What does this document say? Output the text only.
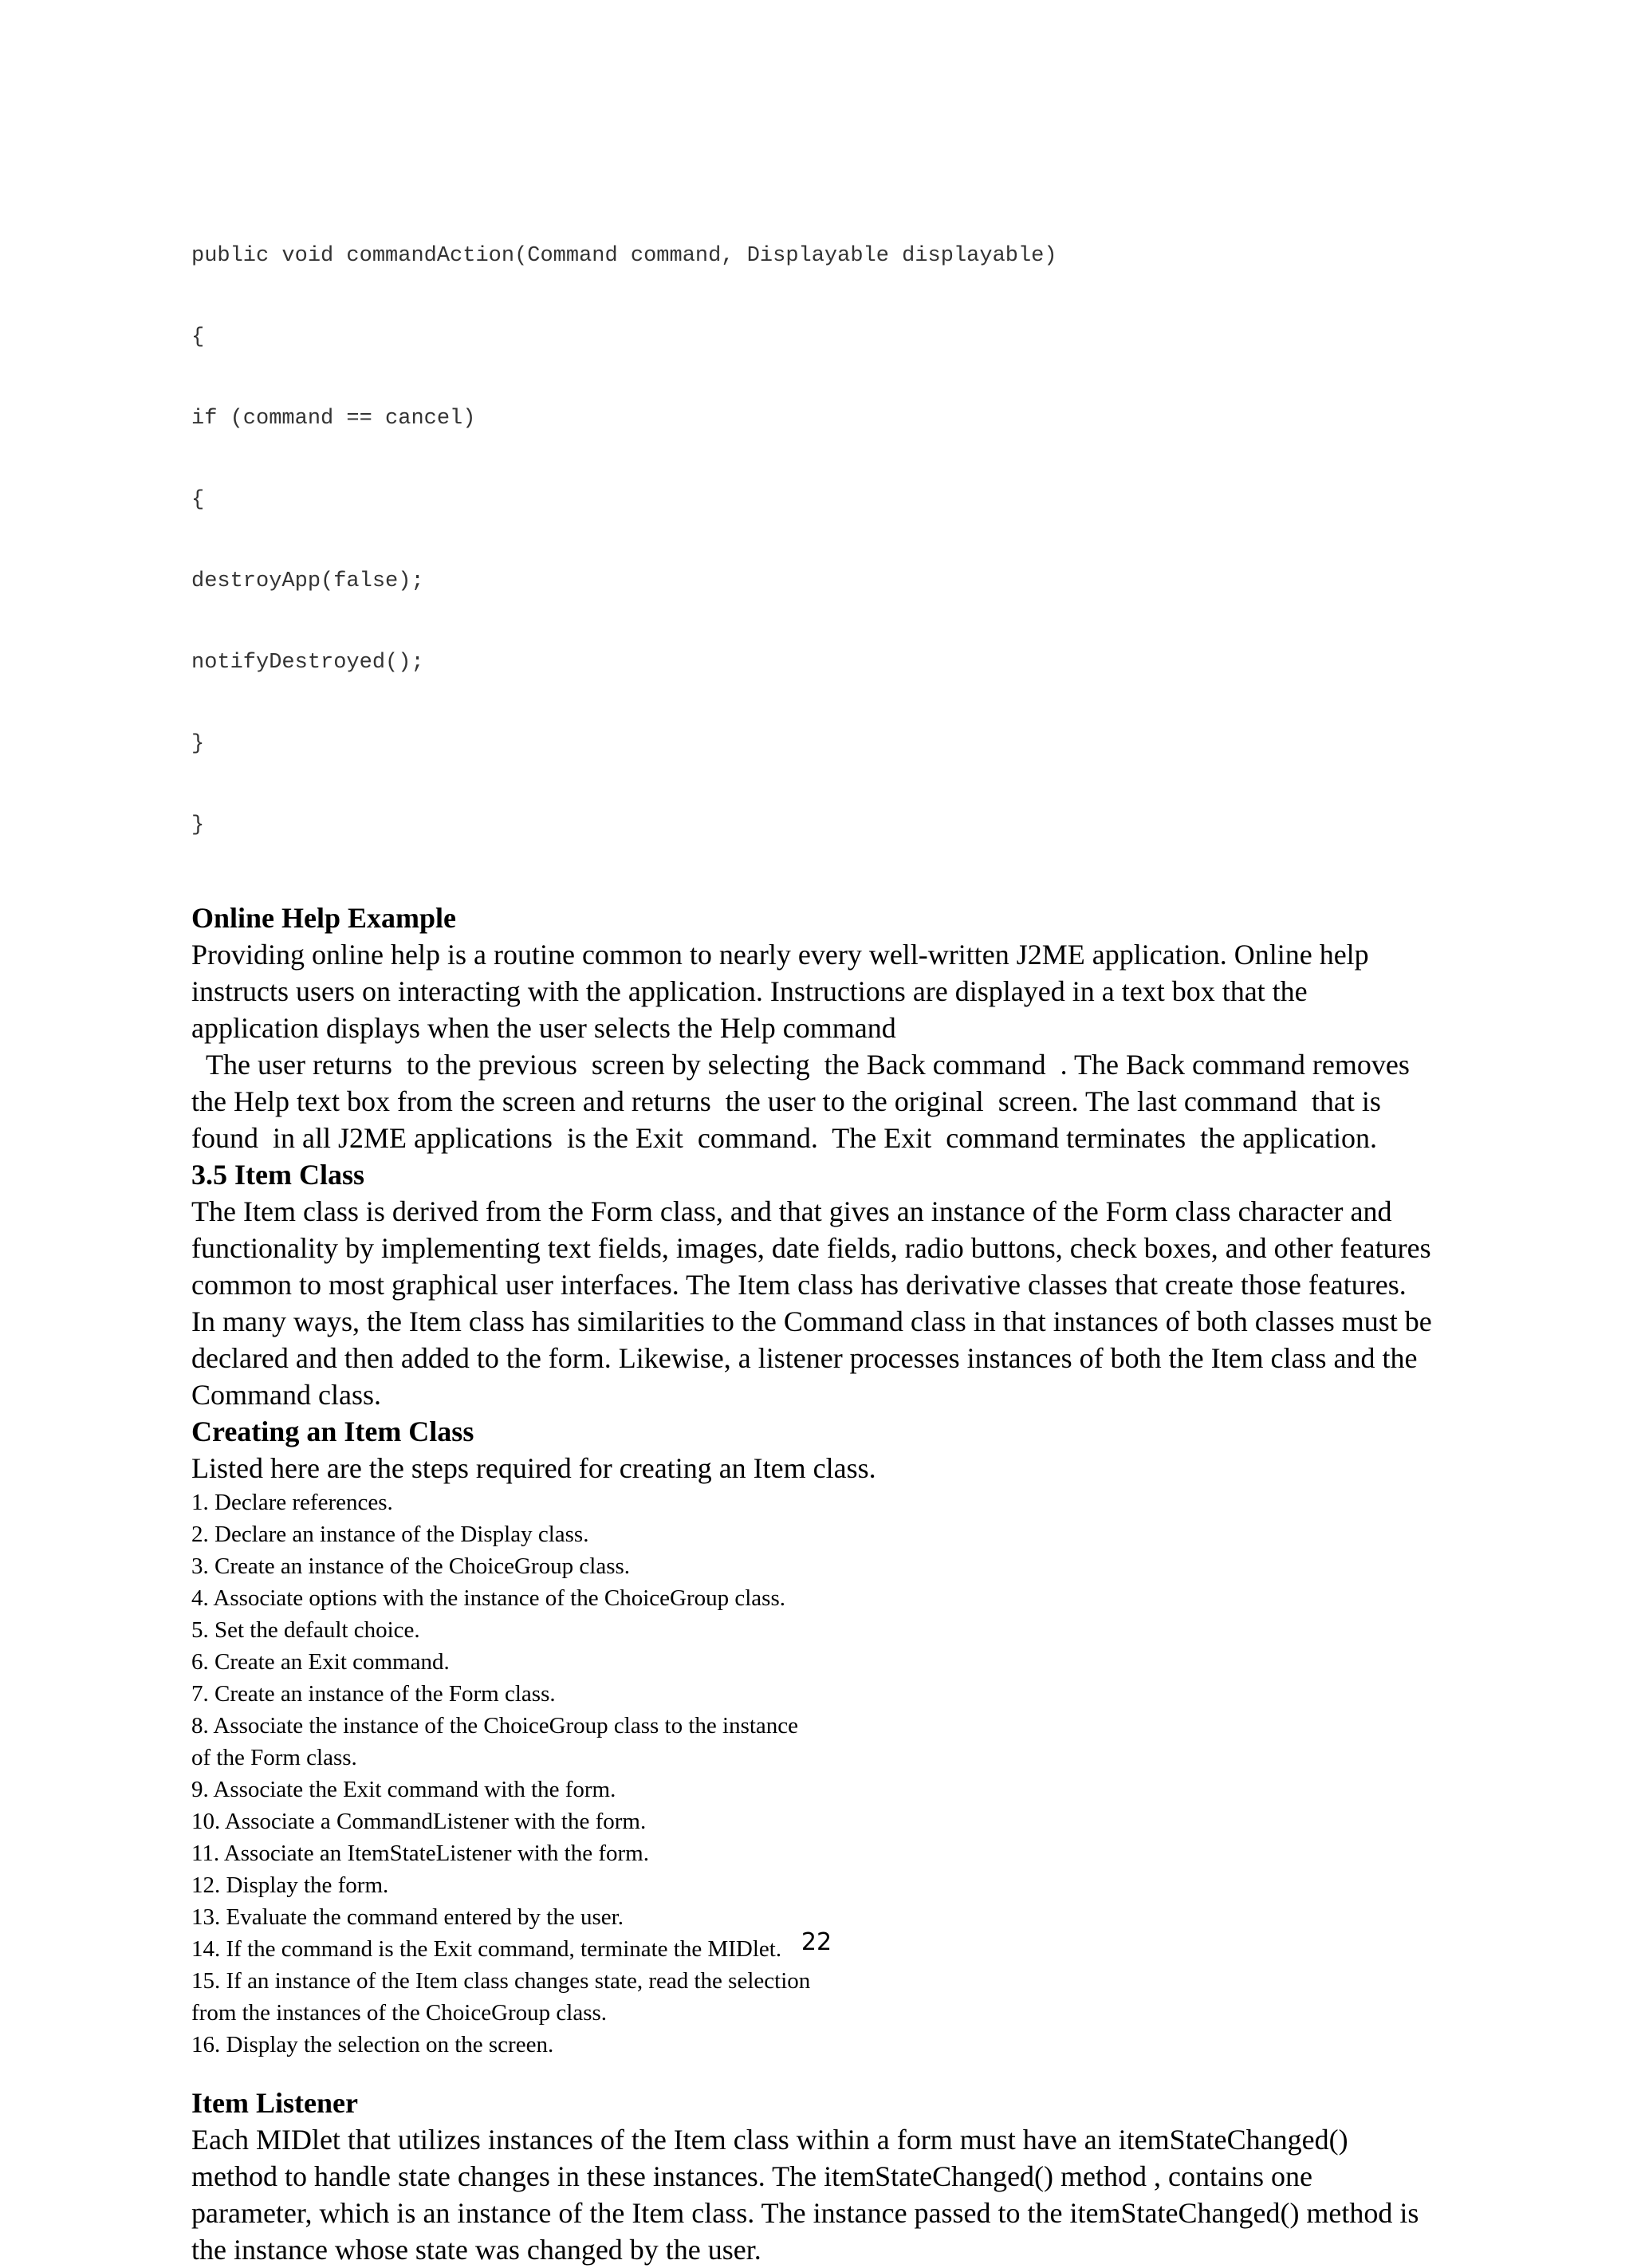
public void commandAction(Command command, Displayable displayable)

{

if (command == cancel)

{

destroyApp(false);

notifyDestroyed();

}

}

Online Help Example

Providing online help is a routine common to nearly every well-written J2ME application. Online help instructs users on interacting with the application. Instructions are displayed in a text box that the application displays when the user selects the Help command

The user returns  to the previous  screen by selecting  the Back command  . The Back command removes  the Help text box from the screen and returns  the user to the original  screen. The last command  that is found  in all J2ME applications  is the Exit  command.  The Exit  command terminates  the application.

3.5 Item Class

The Item class is derived from the Form class, and that gives an instance of the Form class character and functionality by implementing text fields, images, date fields, radio buttons, check boxes, and other features common to most graphical user interfaces. The Item class has derivative classes that create those features.

In many ways, the Item class has similarities to the Command class in that instances of both classes must be declared and then added to the form. Likewise, a listener processes instances of both the Item class and the Command class.

Creating an Item Class

Listed here are the steps required for creating an Item class.

1. Declare references.
2. Declare an instance of the Display class.
3. Create an instance of the ChoiceGroup class.
4. Associate options with the instance of the ChoiceGroup class.
5. Set the default choice.
6. Create an Exit command.
7. Create an instance of the Form class.
8. Associate the instance of the ChoiceGroup class to the instance
of the Form class.
9. Associate the Exit command with the form.
10. Associate a CommandListener with the form.
11. Associate an ItemStateListener with the form.
12. Display the form.
13. Evaluate the command entered by the user.
14. If the command is the Exit command, terminate the MIDlet.
15. If an instance of the Item class changes state, read the selection
from the instances of the ChoiceGroup class.
16. Display the selection on the screen.
Item Listener

Each MIDlet that utilizes instances of the Item class within a form must have an itemStateChanged() method to handle state changes in these instances. The itemStateChanged() method , contains one parameter, which is an instance of the Item class. The instance passed to the itemStateChanged() method is the instance whose state was changed by the user.

22
